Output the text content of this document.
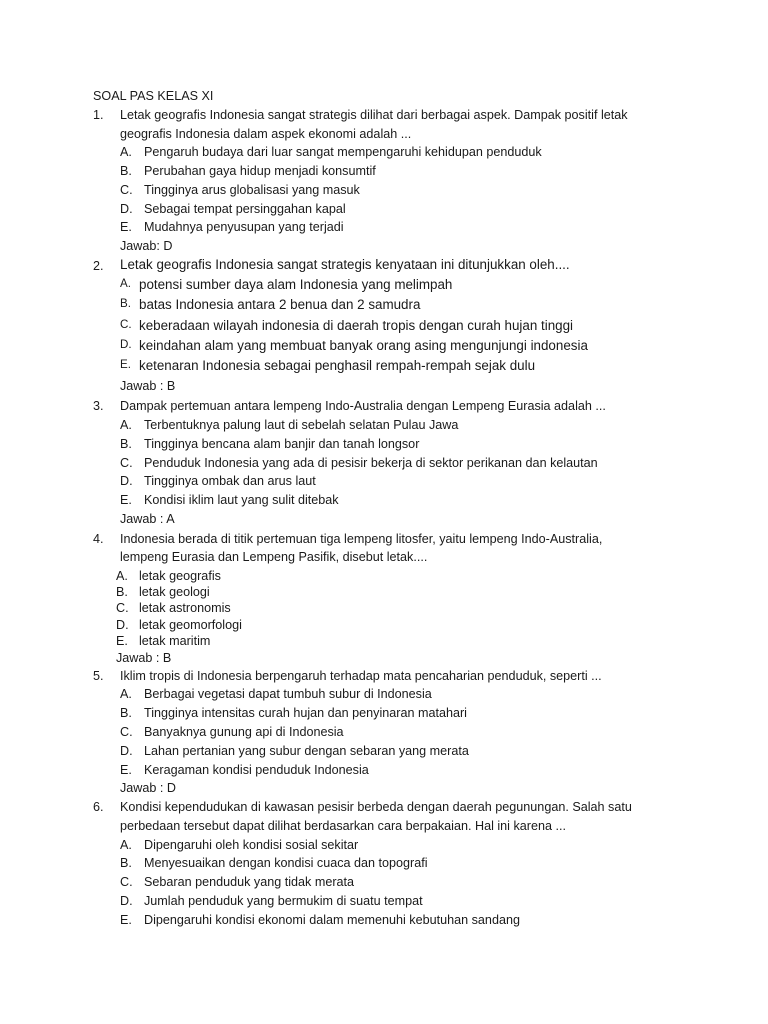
SOAL PAS KELAS XI
1. Letak geografis Indonesia sangat strategis dilihat dari berbagai aspek. Dampak positif letak
geografis Indonesia dalam aspek ekonomi adalah ...
A. Pengaruh budaya dari luar sangat mempengaruhi kehidupan penduduk
B. Perubahan gaya hidup menjadi konsumtif
C. Tingginya arus globalisasi yang masuk
D. Sebagai tempat persinggahan kapal
E. Mudahnya penyusupan yang terjadi
Jawab: D
2. Letak geografis Indonesia sangat strategis kenyataan ini ditunjukkan oleh....
A. potensi sumber daya alam Indonesia yang melimpah
B. batas Indonesia antara 2 benua dan 2 samudra
C. keberadaan wilayah indonesia di daerah tropis dengan curah hujan tinggi
D. keindahan alam yang membuat banyak orang asing mengunjungi indonesia
E. ketenaran Indonesia sebagai penghasil rempah-rempah sejak dulu
Jawab : B
3. Dampak pertemuan antara lempeng Indo-Australia dengan Lempeng Eurasia adalah ...
A. Terbentuknya palung laut di sebelah selatan Pulau Jawa
B. Tingginya bencana alam banjir dan tanah longsor
C. Penduduk Indonesia yang ada di pesisir bekerja di sektor perikanan dan kelautan
D. Tingginya ombak dan arus laut
E. Kondisi iklim laut yang sulit ditebak
Jawab : A
4. Indonesia berada di titik pertemuan tiga lempeng litosfer, yaitu lempeng Indo-Australia,
lempeng Eurasia dan Lempeng Pasifik, disebut letak....
A. letak geografis
B. letak geologi
C. letak astronomis
D. letak geomorfologi
E. letak maritim
Jawab : B
5. Iklim tropis di Indonesia berpengaruh terhadap mata pencaharian penduduk, seperti ...
A. Berbagai vegetasi dapat tumbuh subur di Indonesia
B. Tingginya intensitas curah hujan dan penyinaran matahari
C. Banyaknya gunung api di Indonesia
D. Lahan pertanian yang subur dengan sebaran yang merata
E. Keragaman kondisi penduduk Indonesia
Jawab : D
6. Kondisi kependudukan di kawasan pesisir berbeda dengan daerah pegunungan. Salah satu
perbedaan tersebut dapat dilihat berdasarkan cara berpakaian. Hal ini karena ...
A. Dipengaruhi oleh kondisi sosial sekitar
B. Menyesuaikan dengan kondisi cuaca dan topografi
C. Sebaran penduduk yang tidak merata
D. Jumlah penduduk yang bermukim di suatu tempat
E. Dipengaruhi kondisi ekonomi dalam memenuhi kebutuhan sandang
